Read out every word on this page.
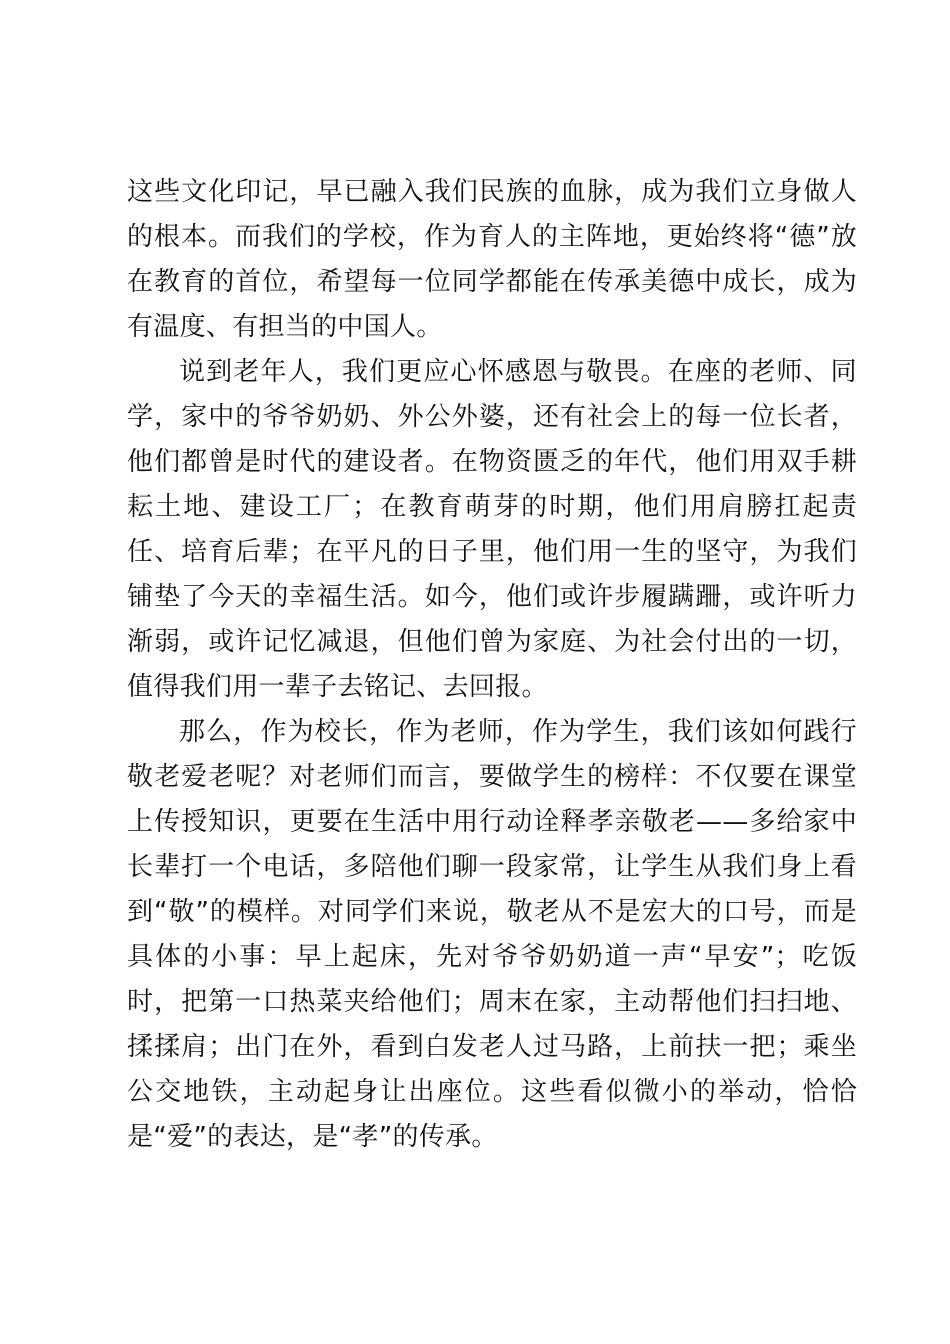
这些文化印记，早已融入我们民族的血脉，成为我们立身做人的根本。而我们的学校，作为育人的主阵地，更始终将“德”放在教育的首位，希望每一位同学都能在传承美德中成长，成为有温度、有担当的中国人。

说到老年人，我们更应心怀感恩与敬畏。在座的老师、同学，家中的爷爷奶奶、外公外婆，还有社会上的每一位长者，他们都曾是时代的建设者。在物资匮乏的年代，他们用双手耕耘土地、建设工厂；在教育萌芽的时期，他们用肩膀扛起责任、培育后辈；在平凡的日子里，他们用一生的坚守，为我们铺垫了今天的幸福生活。如今，他们或许步履蹒跚，或许听力渐弱，或许记忆减退，但他们曾为家庭、为社会付出的一切，值得我们用一辈子去铭记、去回报。

那么，作为校长，作为老师，作为学生，我们该如何践行敬老爱老呢？对老师们而言，要做学生的榜样：不仅要在课堂上传授知识，更要在生活中用行动诠释孝亲敬老——多给家中长辈打一个电话，多陪他们聊一段家常，让学生从我们身上看到“敬”的模样。对同学们来说，敬老从不是宏大的口号，而是具体的小事：早上起床，先对爷爷奶奶道一声“早安”；吃饭时，把第一口热菜夹给他们；周末在家，主动帮他们扫扫地、揉揉肩；出门在外，看到白发老人过马路，上前扶一把；乘坐公交地铁，主动起身让出座位。这些看似微小的举动，恰恰是“爱”的表达，是“孝”的传承。
